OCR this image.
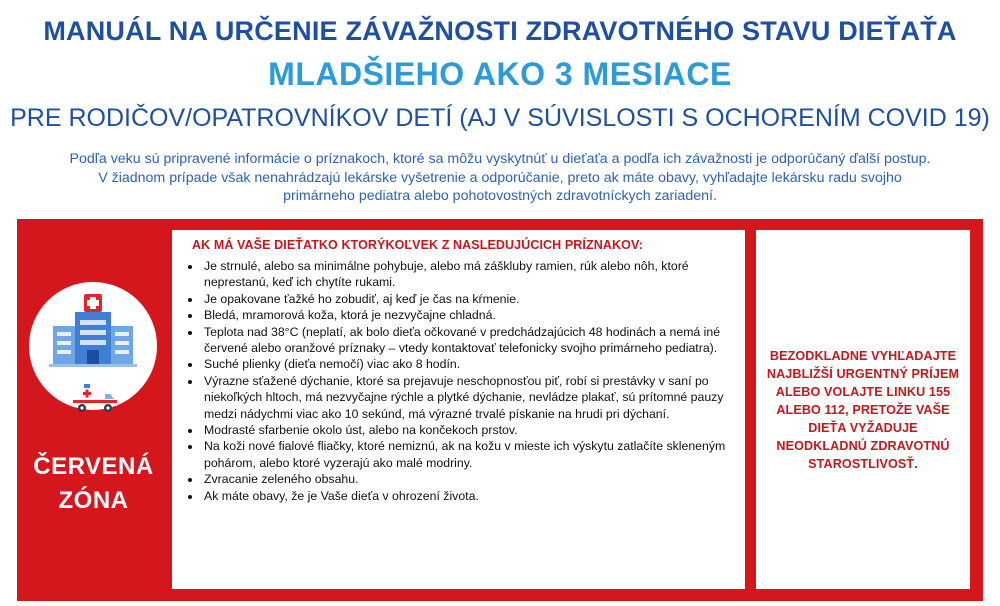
MANUÁL NA URČENIE ZÁVAŽNOSTI ZDRAVOTNÉHO STAVU DIEŤAŤA
MLADŠIEHO AKO 3 MESIACE
PRE RODIČOV/OPATROVNÍKOV DETÍ (AJ V SÚVISLOSTI S OCHORENÍM COVID 19)
Podľa veku sú pripravené informácie o príznakoch, ktoré sa môžu vyskytnúť u dieťaťa a podľa ich závažnosti je odporúčaný ďalší postup.
V žiadnom prípade však nenahrádzajú lekárske vyšetrenie a odporúčanie, preto ak máte obavy, vyhľadajte lekársku radu svojho
primárneho pediatra alebo pohotovostných zdravotníckych zariadení.
ČERVENÁ
ZÓNA
AK MÁ VAŠE DIEŤATKO KTORÝKOĽVEK Z NASLEDUJÚCICH PRÍZNAKOV:
• Je strnulé, alebo sa minimálne pohybuje, alebo má záškluby ramien, rúk alebo nôh, ktoré neprestanú, keď ich chytíte rukami.
• Je opakovane ťažké ho zobudiť, aj keď je čas na kŕmenie.
• Bledá, mramorová koža, ktorá je nezvyčajne chladná.
• Teplota nad 38°C (neplatí, ak bolo dieťa očkované v predchádzajúcich 48 hodinách a nemá iné červené alebo oranžové príznaky – vtedy kontaktovať telefonicky svojho primárneho pediatra).
• Suché plienky (dieťa nemočí) viac ako 8 hodín.
• Výrazne sťažené dýchanie, ktoré sa prejavuje neschopnosťou piť, robí si prestávky v saní po niekoľkých hltoch, má nezvyčajne rýchle a plytké dýchanie, nevládze plakať, sú prítomné pauzy medzi nádychmi viac ako 10 sekúnd, má výrazné trvalé pískanie na hrudi pri dýchaní.
• Modrasté sfarbenie okolo úst, alebo na končekoch prstov.
• Na koži nové fialové fliačky, ktoré nemiznú, ak na kožu v mieste ich výskytu zatlačíte skleneným pohárom, alebo ktoré vyzerajú ako malé modriny.
• Zvracanie zeleného obsahu.
• Ak máte obavy, že je Vaše dieťa v ohrození života.
BEZODKLADNE VYHĽADAJTE
NAJBLIŽŠÍ URGENTNÝ PRÍJEM
ALEBO VOLAJTE LINKU 155
ALEBO 112, PRETOŽE VAŠE
DIEŤA VYŽADUJE
NEODKLADNÚ ZDRAVOTNÚ
STAROSTLIVOSŤ.
